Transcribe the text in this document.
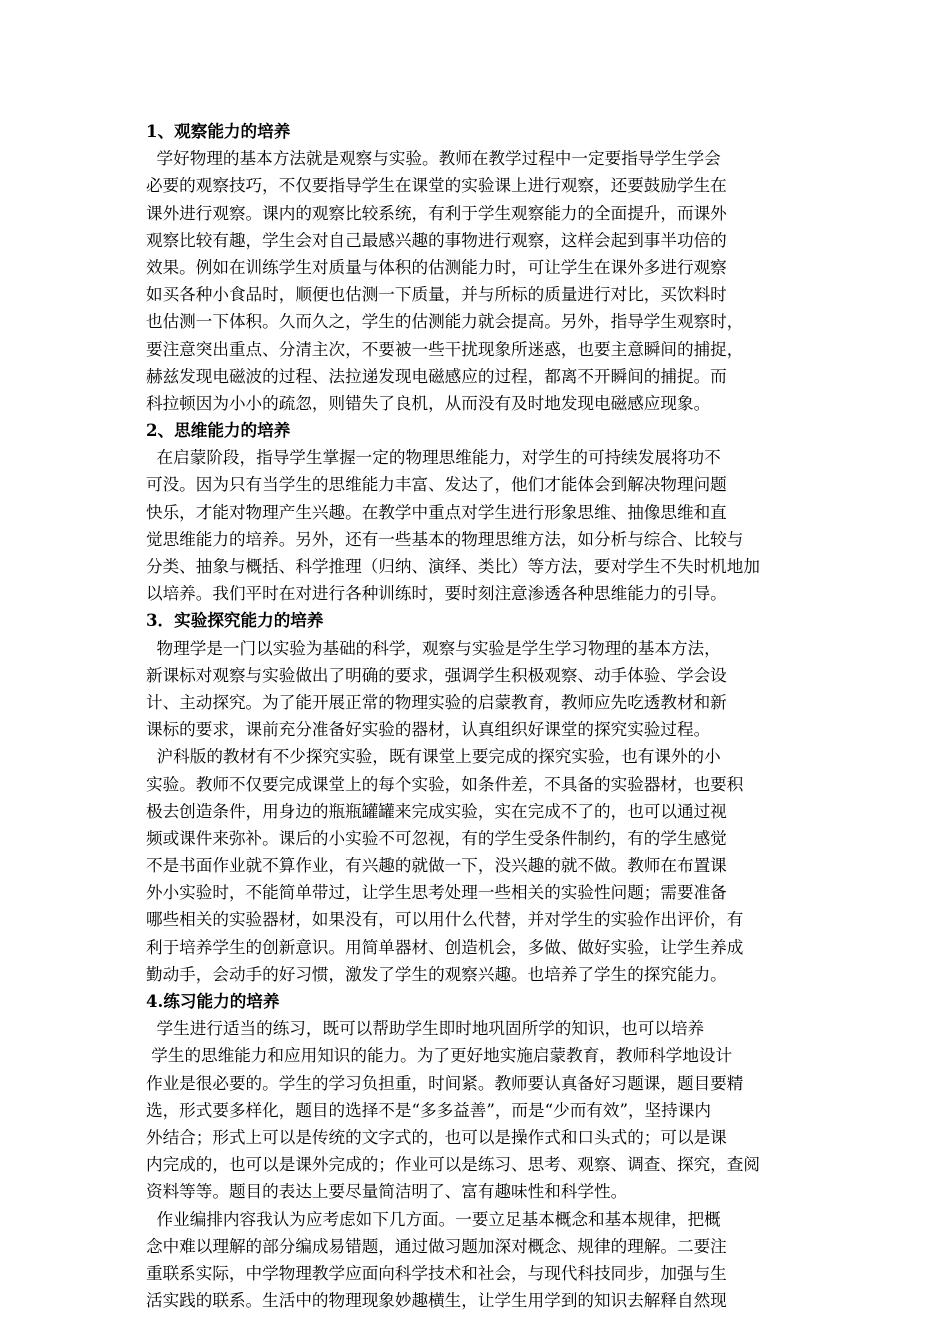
1、观察能力的培养
学好物理的基本方法就是观察与实验。教师在教学过程中一定要指导学生学会
必要的观察技巧，不仅要指导学生在课堂的实验课上进行观察，还要鼓励学生在
课外进行观察。课内的观察比较系统，有利于学生观察能力的全面提升，而课外
观察比较有趣，学生会对自己最感兴趣的事物进行观察，这样会起到事半功倍的
效果。例如在训练学生对质量与体积的估测能力时，可让学生在课外多进行观察
如买各种小食品时，顺便也估测一下质量，并与所标的质量进行对比，买饮料时
也估测一下体积。久而久之，学生的估测能力就会提高。另外，指导学生观察时，
要注意突出重点、分清主次，不要被一些干扰现象所迷惑，也要主意瞬间的捕捉，
赫兹发现电磁波的过程、法拉递发现电磁感应的过程，都离不开瞬间的捕捉。而
科拉顿因为小小的疏忽，则错失了良机，从而没有及时地发现电磁感应现象。
2、思维能力的培养
在启蒙阶段，指导学生掌握一定的物理思维能力，对学生的可持续发展将功不
可没。因为只有当学生的思维能力丰富、发达了，他们才能体会到解决物理问题
快乐，才能对物理产生兴趣。在教学中重点对学生进行形象思维、抽像思维和直
觉思维能力的培养。另外，还有一些基本的物理思维方法，如分析与综合、比较与
分类、抽象与概括、科学推理（归纳、演绎、类比）等方法，要对学生不失时机地加
以培养。我们平时在对进行各种训练时，要时刻注意渗透各种思维能力的引导。
3．实验探究能力的培养
物理学是一门以实验为基础的科学，观察与实验是学生学习物理的基本方法，
新课标对观察与实验做出了明确的要求，强调学生积极观察、动手体验、学会设
计、主动探究。为了能开展正常的物理实验的启蒙教育，教师应先吃透教材和新
课标的要求，课前充分准备好实验的器材，认真组织好课堂的探究实验过程。
沪科版的教材有不少探究实验，既有课堂上要完成的探究实验，也有课外的小
实验。教师不仅要完成课堂上的每个实验，如条件差，不具备的实验器材，也要积
极去创造条件，用身边的瓶瓶罐罐来完成实验，实在完成不了的，也可以通过视
频或课件来弥补。课后的小实验不可忽视，有的学生受条件制约，有的学生感觉
不是书面作业就不算作业，有兴趣的就做一下，没兴趣的就不做。教师在布置课
外小实验时，不能简单带过，让学生思考处理一些相关的实验性问题；需要准备
哪些相关的实验器材，如果没有，可以用什么代替，并对学生的实验作出评价，有
利于培养学生的创新意识。用简单器材、创造机会，多做、做好实验，让学生养成
勤动手，会动手的好习惯，激发了学生的观察兴趣。也培养了学生的探究能力。
4.练习能力的培养
学生进行适当的练习，既可以帮助学生即时地巩固所学的知识，也可以培养
学生的思维能力和应用知识的能力。为了更好地实施启蒙教育，教师科学地设计
作业是很必要的。学生的学习负担重，时间紧。教师要认真备好习题课，题目要精
选，形式要多样化，题目的选择不是“多多益善”，而是“少而有效”，坚持课内
外结合；形式上可以是传统的文字式的，也可以是操作式和口头式的；可以是课
内完成的，也可以是课外完成的；作业可以是练习、思考、观察、调查、探究，查阅
资料等等。题目的表达上要尽量简洁明了、富有趣味性和科学性。
作业编排内容我认为应考虑如下几方面。一要立足基本概念和基本规律，把概
念中难以理解的部分编成易错题，通过做习题加深对概念、规律的理解。二要注
重联系实际，中学物理教学应面向科学技术和社会，与现代科技同步，加强与生
活实践的联系。生活中的物理现象妙趣横生，让学生用学到的知识去解释自然现
